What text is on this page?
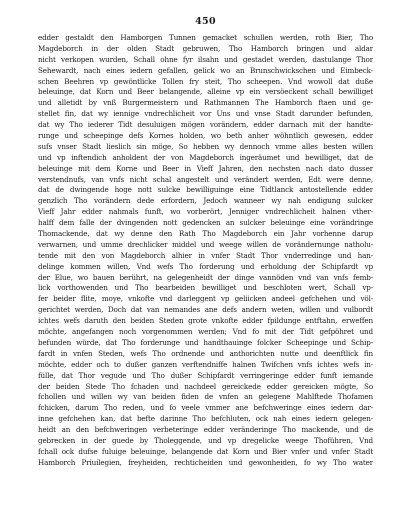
450
edder gestaldt den Hamborgen Tunnen gemacket schullen werden, roth Bier, Tho
Magdeborch in der olden Stadt gebruwen, Tho Hamborch bringen und aldar
nicht verkopen wurden, Schall ohne fyr ilsahn und gestadet werden, dastulange Thor
Sehewardt, nach eines iedern gefallen, gelick wo an Brunschwickschen und Eimbeck-
schen Beehren vp gewöntlicke Tollen fry steit, Tho scheepen. Vnd wowoll dat duße
beleuinge, dat Korn und Beer belangende, alleine vp ein versöeckent schall bewilliget
und alletidt by vnß Burgermeistern und Rathmannen The Hamborch ftaen und ge-
stellet fin, dat wy iennige vndrechlicheit vor Uns und vnse Stadt darunder befunden,
dat wy Tho iederer Tidt desuluigen mögen vorändern, edder darnach mit der handte-
runge und scheepinge defs Kornes holden, wo beth anher wöhntlich gewesen, edder
sufs vnser Stadt lieslich sin möge, So hebben wy dennoch vmme alles besten willen
und vp inftendich anholdent der von Magdeborch ingeräumet und bewilliget, dat de
beleuinge mit dem Korne und Beer in Vieff Jahren, den nechsten nach dato dusser
verstendnufs, van vnfs nicht schal angestelt und verändert werden, Edt were denne,
dat de dwingende hoge nott sulcke bewilliguinge eine Tidtlanck antostellende edder
genzlich Tho vorändern dede erfordern, Jedoch wanneer wy nah endigung sulcker
Vieff Jahr edder nahmals funft, wo vorberört, Jenniger vndrechlicheit halnen vther-
halff dem falle der dvingenden nott gedencken an sulcker beleuinge eine vorändringe
Thomackende, dat wy denne den Rath Tho Magdeborch ein Jahr vorhenne darup
verwarnen, und umme drechlicker middel und weege willen de vorändernunge natholu-
tende mit den von Magdeborch alhier in vnfer Stadt Thor vnderredinge und han-
delinge kommen willen, Vnd wefs Tho forderung und erholdung der Schipfardt vp
der Elue, wo bauen berührt, na gelegenheidt der dinge vannöden vnd van vnfs femb-
lick vorthowenden und Tho bearbeiden bewilliget und beschloten wert, Schall vp-
fer beider flite, moye, vnkofte vnd darleggent vp geliicken andeel gefchehen und völ-
gerichtet werden, Doch dat van nemandes ane defs andern weten, willen und vulbordt
ichtes wefs daruth den beiden Steden grote vnkofte edder fpildunge entftahn, erweffen
möchte, angefangen noch vorgenommen werden; Vnd fo mit der Tidt gefpöhret und
befunden würde, dat Tho forderunge und handthauinge folcker Scheepinge und Schip-
fardt in vnfen Steden, wefs Tho ordnende und anthorichten nutte und deenftlick fin
möchte, edder och to dußer ganzen verftendniffe halnen Twifchen vnfs ichtes wefs in-
fülle, dat Thor vegude und Tho dußer Schipfardt verringeringe edder funft iemande
der beiden Stede Tho fchaden und nachdeel gereickede edder gereicken mögte, So
fchollen und willen wy van beiden fiden de vnfen an gelegene Mahlftede Thofamen
fchicken, darum Tho reden, und fo veele vmmer ane befchweringe eines iedern dar-
inne gefchehen kan, dat befte darinne Tho befchluten, ock nah eines iedern gelegen-
heidt an den befchweringen verbeteringe edder veränderinge Tho mackende, und de
gebrecken in der guede by Tholeggende, und vp dregelicke weege Thoführen, Vnd
fchall ock dufse fuluige beleuinge, belangende dat Korn und Bier vnfer und vnfer Stadt
Hamborch Priuilegien, freyheiden, rechticheiden und gewonheiden, fo wy Tho water
